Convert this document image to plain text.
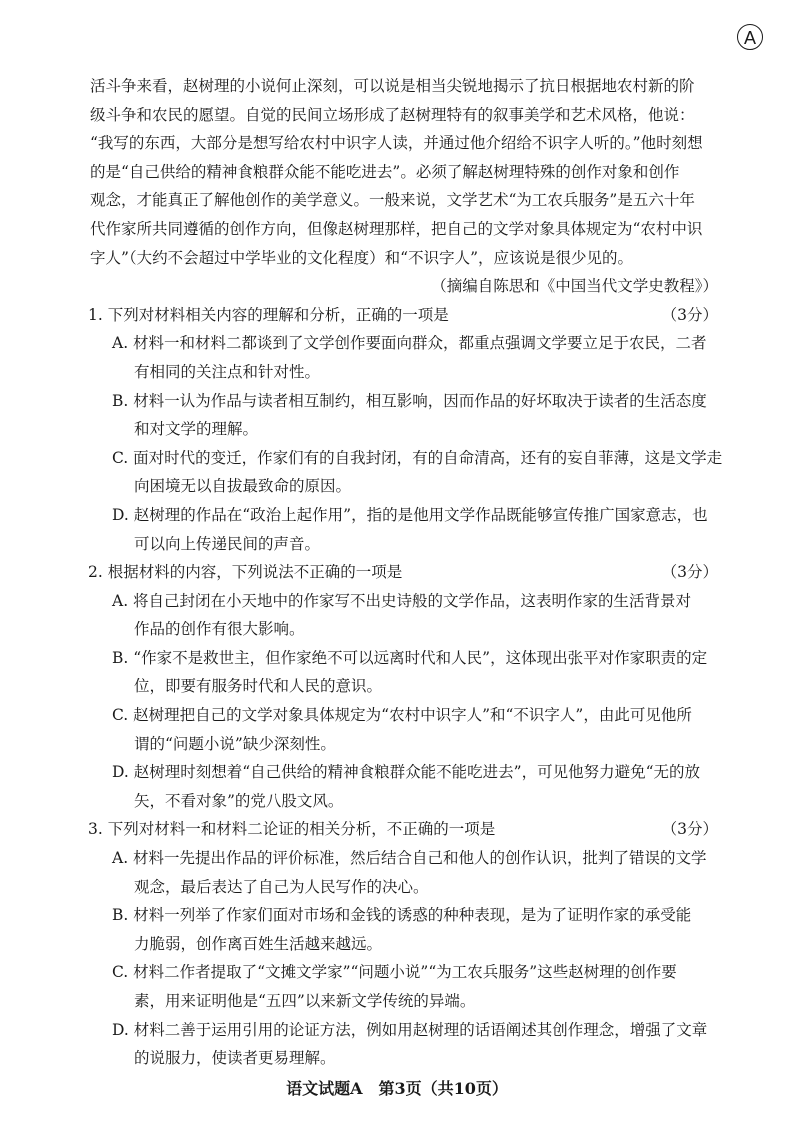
A
活斗争来看，赵树理的小说何止深刻，可以说是相当尖锐地揭示了抗日根据地农村新的阶
级斗争和农民的愿望。自觉的民间立场形成了赵树理特有的叙事美学和艺术风格，他说：
“我写的东西，大部分是想写给农村中识字人读，并通过他介绍给不识字人听的。”他时刻想
的是“自己供给的精神食粮群众能不能吃进去”。必须了解赵树理特殊的创作对象和创作
观念，才能真正了解他创作的美学意义。一般来说，文学艺术“为工农兵服务”是五六十年
代作家所共同遵循的创作方向，但像赵树理那样，把自己的文学对象具体规定为“农村中识
字人”（大约不会超过中学毕业的文化程度）和“不识字人”，应该说是很少见的。

（摘编自陈思和《中国当代文学史教程》）

1. 下列对材料相关内容的理解和分析，正确的一项是	（3分）
A. 材料一和材料二都谈到了文学创作要面向群众，都重点强调文学要立足于农民，二者
有相同的关注点和针对性。
B. 材料一认为作品与读者相互制约，相互影响，因而作品的好坏取决于读者的生活态度
和对文学的理解。
C. 面对时代的变迁，作家们有的自我封闭，有的自命清高，还有的妄自菲薄，这是文学走
向困境无以自拔最致命的原因。
D. 赵树理的作品在“政治上起作用”，指的是他用文学作品既能够宣传推广国家意志，也
可以向上传递民间的声音。
2. 根据材料的内容，下列说法不正确的一项是	（3分）
A. 将自己封闭在小天地中的作家写不出史诗般的文学作品，这表明作家的生活背景对
作品的创作有很大影响。
B. “作家不是救世主，但作家绝不可以远离时代和人民”，这体现出张平对作家职责的定
位，即要有服务时代和人民的意识。
C. 赵树理把自己的文学对象具体规定为“农村中识字人”和“不识字人”，由此可见他所
谓的“问题小说”缺少深刻性。
D. 赵树理时刻想着“自己供给的精神食粮群众能不能吃进去”，可见他努力避免“无的放
矢，不看对象”的党八股文风。
3. 下列对材料一和材料二论证的相关分析，不正确的一项是	（3分）
A. 材料一先提出作品的评价标准，然后结合自己和他人的创作认识，批判了错误的文学
观念，最后表达了自己为人民写作的决心。
B. 材料一列举了作家们面对市场和金钱的诱惑的种种表现，是为了证明作家的承受能
力脆弱，创作离百姓生活越来越远。
C. 材料二作者提取了“文摊文学家”“问题小说”“为工农兵服务”这些赵树理的创作要
素，用来证明他是“五四”以来新文学传统的异端。
D. 材料二善于运用引用的论证方法，例如用赵树理的话语阐述其创作理念，增强了文章
的说服力，使读者更易理解。
语文试题A　第3页（共10页）
